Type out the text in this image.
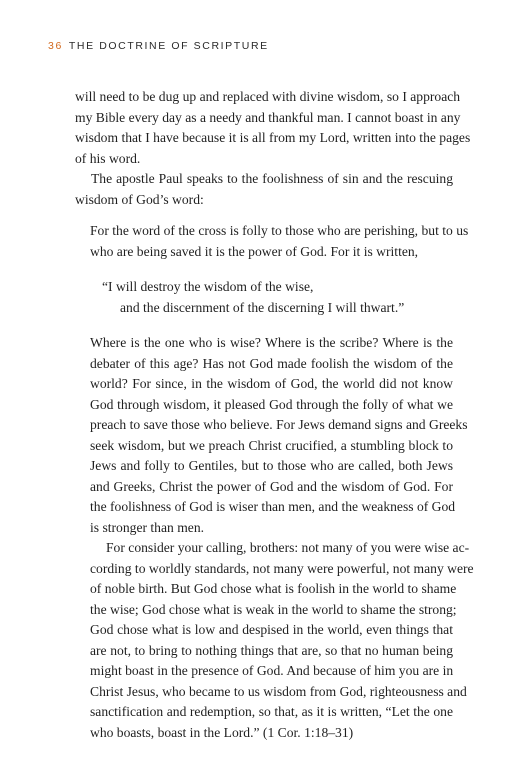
36 THE DOCTRINE OF SCRIPTURE
will need to be dug up and replaced with divine wisdom, so I approach
my Bible every day as a needy and thankful man. I cannot boast in any
wisdom that I have because it is all from my Lord, written into the pages
of his word.
The apostle Paul speaks to the foolishness of sin and the rescuing
wisdom of God’s word:
For the word of the cross is folly to those who are perishing, but to us
who are being saved it is the power of God. For it is written,
“I will destroy the wisdom of the wise,
and the discernment of the discerning I will thwart.”
Where is the one who is wise? Where is the scribe? Where is the
debater of this age? Has not God made foolish the wisdom of the
world? For since, in the wisdom of God, the world did not know
God through wisdom, it pleased God through the folly of what we
preach to save those who believe. For Jews demand signs and Greeks
seek wisdom, but we preach Christ crucified, a stumbling block to
Jews and folly to Gentiles, but to those who are called, both Jews
and Greeks, Christ the power of God and the wisdom of God. For
the foolishness of God is wiser than men, and the weakness of God
is stronger than men.
For consider your calling, brothers: not many of you were wise ac-
cording to worldly standards, not many were powerful, not many were
of noble birth. But God chose what is foolish in the world to shame
the wise; God chose what is weak in the world to shame the strong;
God chose what is low and despised in the world, even things that
are not, to bring to nothing things that are, so that no human being
might boast in the presence of God. And because of him you are in
Christ Jesus, who became to us wisdom from God, righteousness and
sanctification and redemption, so that, as it is written, “Let the one
who boasts, boast in the Lord.” (1 Cor. 1:18–31)
